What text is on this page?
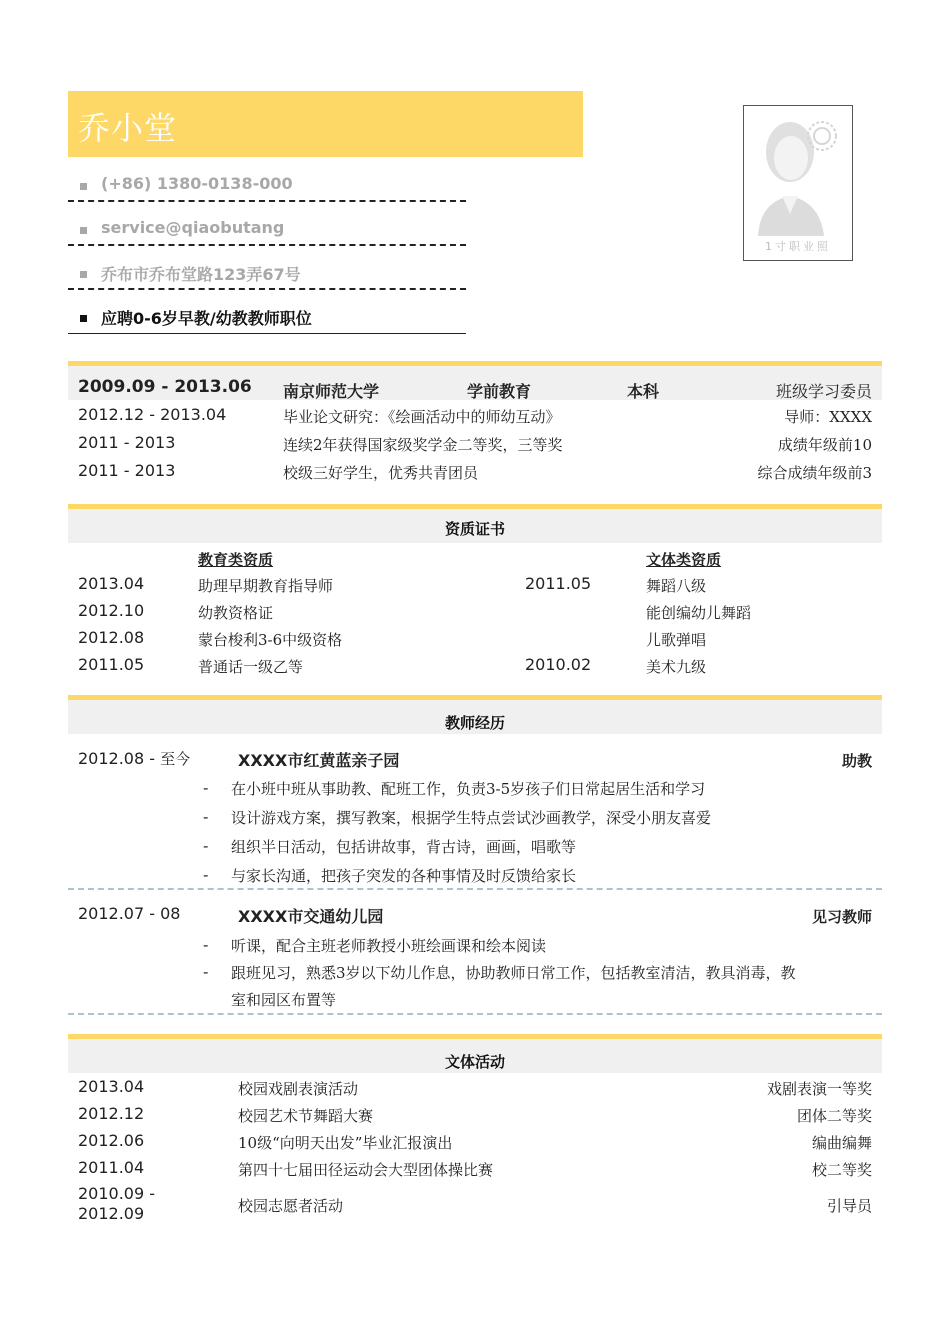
乔小堂
(+86) 1380-0138-000
service@qiaobutang
乔布市乔布堂路123弄67号
应聘0-6岁早教/幼教教师职位
1寸职业照
2009.09 - 2013.06 南京师范大学	学前教育	本科	班级学习委员
2012.12 - 2013.04	毕业论文研究：《绘画活动中的师幼互动》	导师：XXXX
2011 - 2013	连续2年获得国家级奖学金二等奖，三等奖	成绩年级前10
2011 - 2013	校级三好学生，优秀共青团员	综合成绩年级前3
资质证书
教育类资质	文体类资质
2013.04	助理早期教育指导师	2011.05	舞蹈八级
2012.10	幼教资格证	能创编幼儿舞蹈
2012.08	蒙台梭利3-6中级资格	儿歌弹唱
2011.05	普通话一级乙等	2010.02	美术九级
教师经历
2012.08 - 至今	XXXX市红黄蓝亲子园	助教
- 在小班中班从事助教、配班工作，负责3-5岁孩子们日常起居生活和学习
- 设计游戏方案，撰写教案，根据学生特点尝试沙画教学，深受小朋友喜爱
- 组织半日活动，包括讲故事，背古诗，画画，唱歌等
- 与家长沟通，把孩子突发的各种事情及时反馈给家长
2012.07 - 08	XXXX市交通幼儿园	见习教师
- 听课，配合主班老师教授小班绘画课和绘本阅读
- 跟班见习，熟悉3岁以下幼儿作息，协助教师日常工作，包括教室清洁，教具消毒，教
室和园区布置等
文体活动
2013.04	校园戏剧表演活动	戏剧表演一等奖
2012.12	校园艺术节舞蹈大赛	团体二等奖
2012.06	10级“向明天出发”毕业汇报演出	编曲编舞
2011.04	第四十七届田径运动会大型团体操比赛	校二等奖
2010.09 -
2012.09	校园志愿者活动	引导员
